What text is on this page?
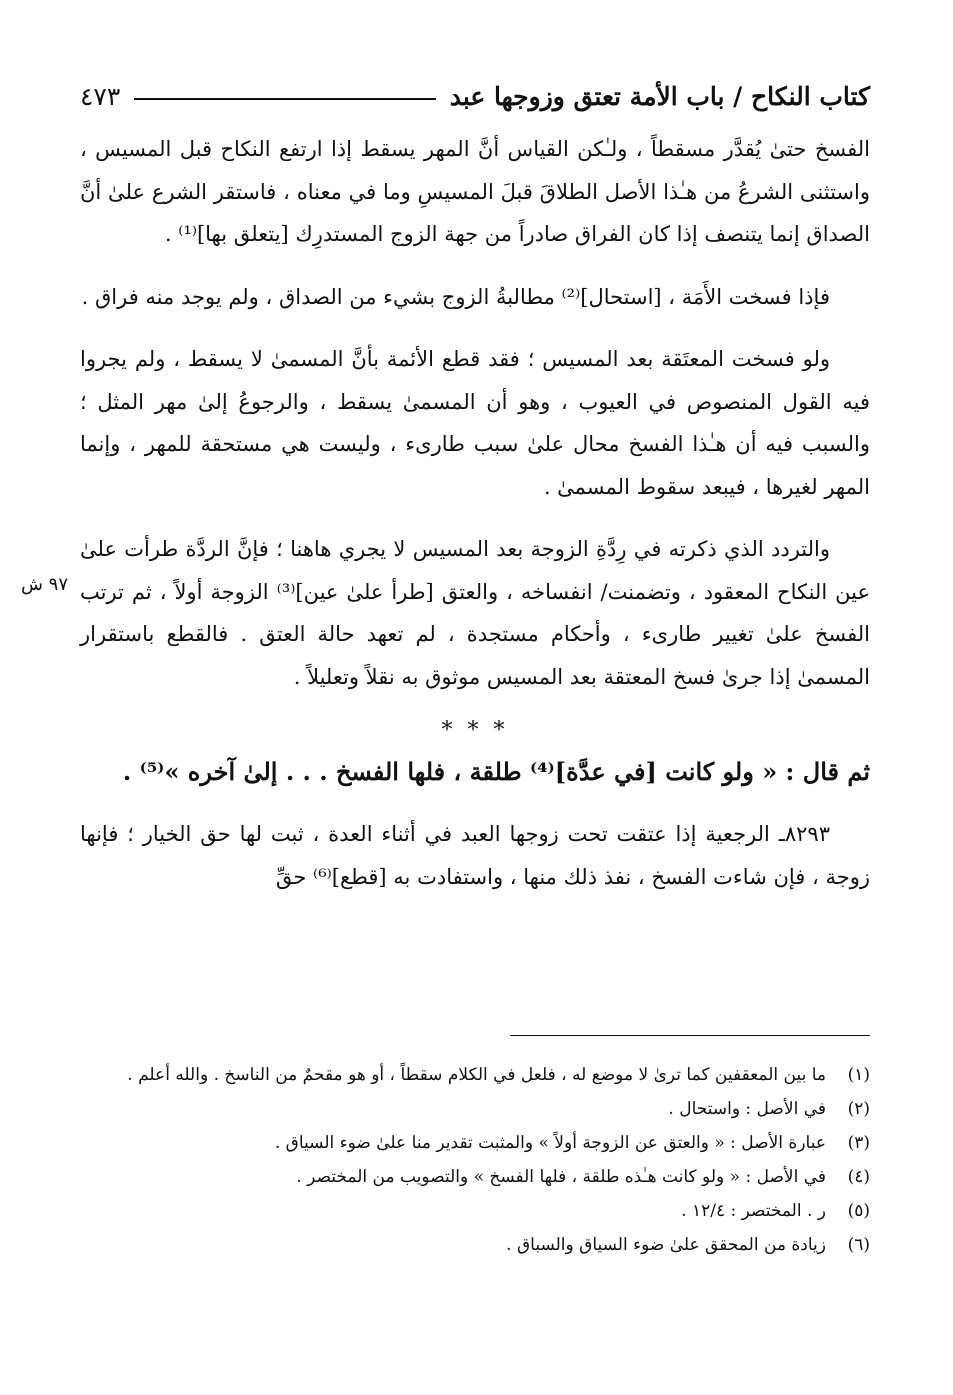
كتاب النكاح / باب الأمة تعتق وزوجها عبد
٤٧٣

الفسخ حتىٰ يُقدَّر مسقطاً ، ولـٰكن القياس أنَّ المهر يسقط إذا ارتفع النكاح قبل المسيس ، واستثنى الشرعُ من هـٰذا الأصل الطلاقَ قبلَ المسيسِ وما في معناه ، فاستقر الشرع علىٰ أنَّ الصداق إنما يتنصف إذا كان الفراق صادراً من جهة الزوج المستدرِك [يتعلق بها]⁽¹⁾ .

فإذا فسخت الأَمَة ، [استحال]⁽²⁾ مطالبةُ الزوج بشيء من الصداق ، ولم يوجد منه فراق .

ولو فسخت المعتَقة بعد المسيس ؛ فقد قطع الأئمة بأنَّ المسمىٰ لا يسقط ، ولم يجروا فيه القول المنصوص في العيوب ، وهو أن المسمىٰ يسقط ، والرجوعُ إلىٰ مهر المثل ؛ والسبب فيه أن هـٰذا الفسخ محال علىٰ سبب طارىء ، وليست هي مستحقة للمهر ، وإنما المهر لغيرها ، فيبعد سقوط المسمىٰ .

٩٧ ش

والتردد الذي ذكرته في رِدَّةِ الزوجة بعد المسيس لا يجري هاهنا ؛ فإنَّ الردَّة طرأت علىٰ عين النكاح المعقود ، وتضمنت/ انفساخه ، والعتق [طرأ علىٰ عين]⁽³⁾ الزوجة أولاً ، ثم ترتب الفسخ علىٰ تغيير طارىء ، وأحكام مستجدة ، لم تعهد حالة العتق . فالقطع باستقرار المسمىٰ إذا جرىٰ فسخ المعتقة بعد المسيس موثوق به نقلاً وتعليلاً .

* * *

ثم قال : « ولو كانت [في عدَّة]⁽⁴⁾ طلقة ، فلها الفسخ . . . إلىٰ آخره »⁽⁵⁾ .

٨٢٩٣ـ الرجعية إذا عتقت تحت زوجها العبد في أثناء العدة ، ثبت لها حق الخيار ؛ فإنها زوجة ، فإن شاءت الفسخ ، نفذ ذلك منها ، واستفادت به [قطع]⁽⁶⁾ حقِّ

(١)
ما بين المعقفين كما ترىٰ لا موضع له ، فلعل في الكلام سقطاً ، أو هو مقحمٌ من الناسخ . والله أعلم .
(٢)
في الأصل : واستحال .
(٣)
عبارة الأصل : « والعتق عن الزوجة أولاً » والمثبت تقدير منا علىٰ ضوء السياق .
(٤)
في الأصل : « ولو كانت هـٰذه طلقة ، فلها الفسخ » والتصويب من المختصر .
(٥)
ر . المختصر : ١٢/٤ .
(٦)
زيادة من المحقق علىٰ ضوء السياق والسباق .
